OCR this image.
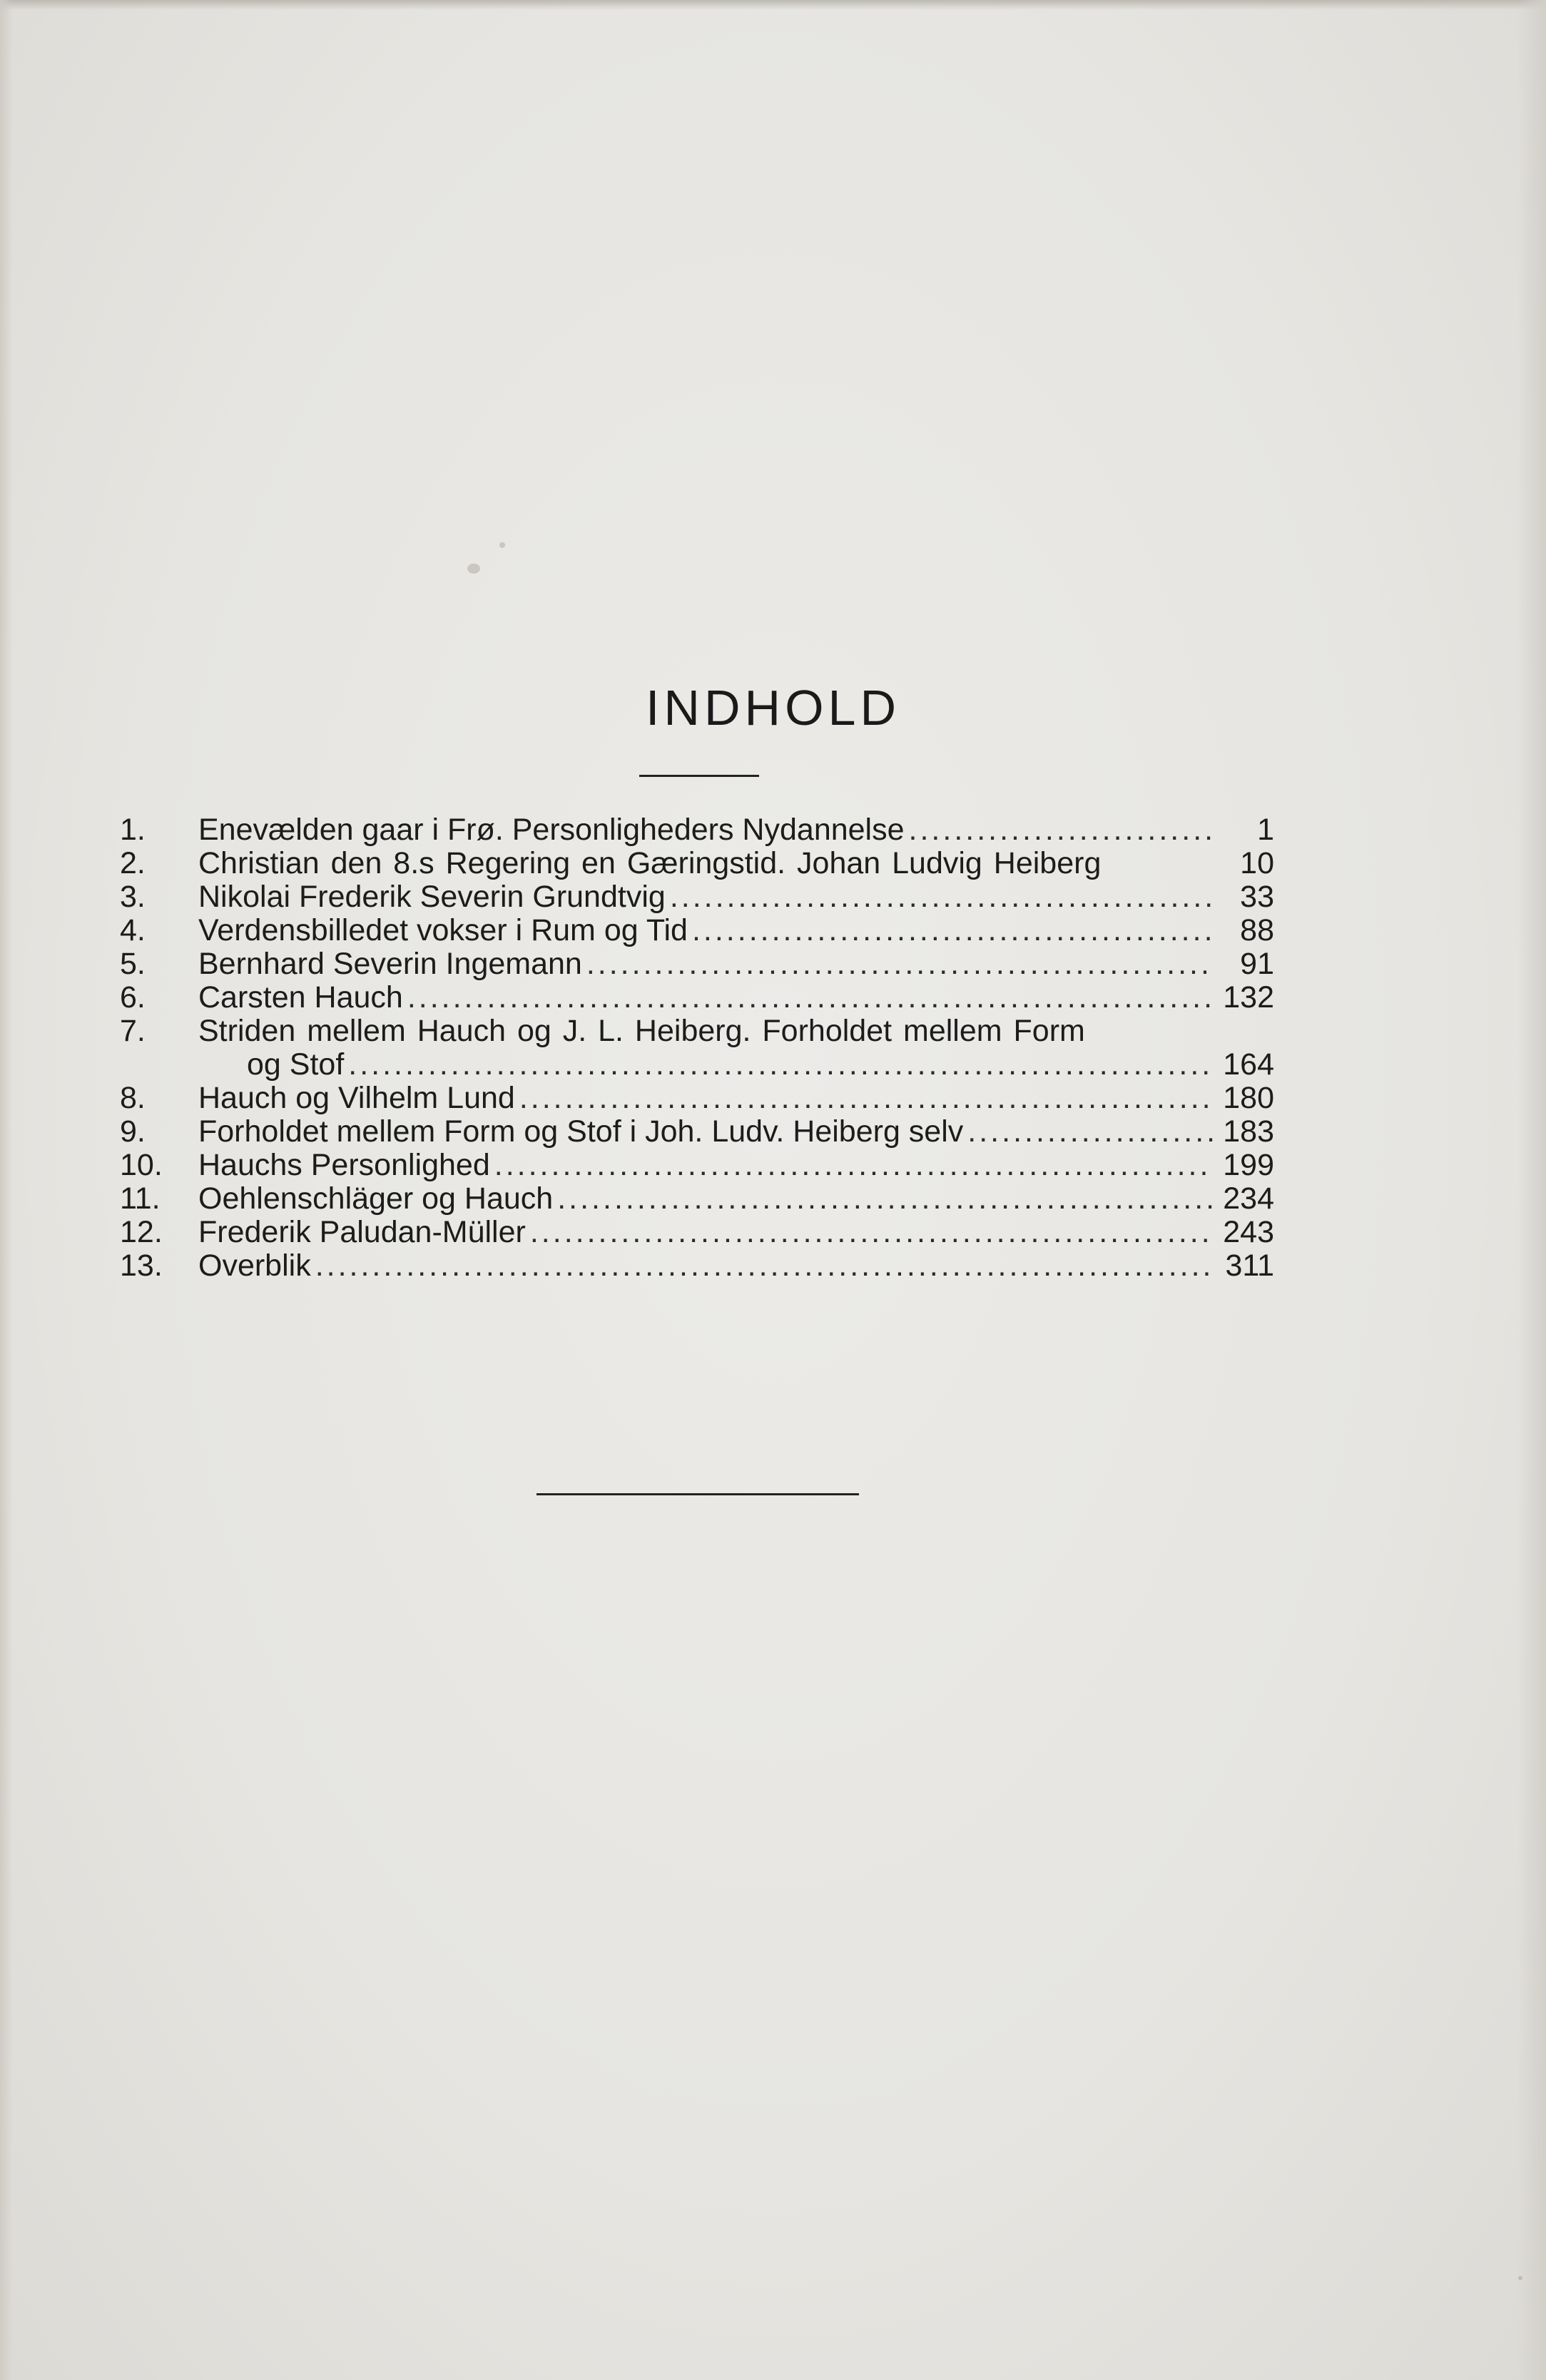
INDHOLD
1.	Enevælden gaar i Frø. Personligheders Nydannelse .....	1
2.	Christian den 8.s Regering en Gæringstid. Johan Ludvig Heiberg	10
3.	Nikolai Frederik Severin Grundtvig .....	33
4.	Verdensbilledet vokser i Rum og Tid .....	88
5.	Bernhard Severin Ingemann .....	91
6.	Carsten Hauch .....	132
7.	Striden mellem Hauch og J. L. Heiberg. Forholdet mellem Form
og Stof .....	164
8.	Hauch og Vilhelm Lund .....	180
9.	Forholdet mellem Form og Stof i Joh. Ludv. Heiberg selv .....	183
10.	Hauchs Personlighed .....	199
11.	Oehlenschläger og Hauch .....	234
12.	Frederik Paludan-Müller .....	243
13.	Overblik .....	311
